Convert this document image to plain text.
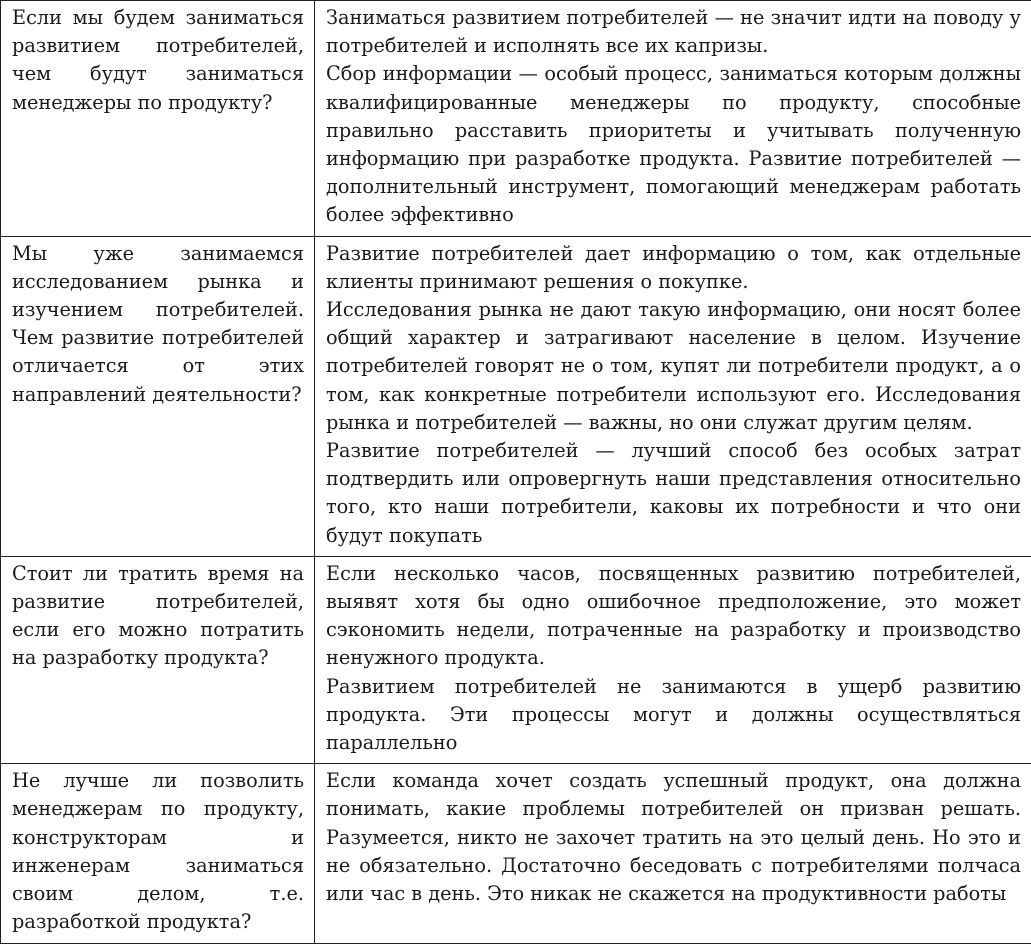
Если мы будем заниматься развитием потребителей, чем будут заниматься менеджеры по продукту?	Заниматься развитием потребителей — не значит идти на поводу у потребителей и исполнять все их капризы.

Сбор информации — особый процесс, заниматься которым должны квалифицированные менеджеры по продукту, способные правильно расставить приоритеты и учитывать полученную информацию при разработке продукта. Развитие потребителей — дополнительный инструмент, помогающий менеджерам работать более эффективно

Мы уже занимаемся исследованием рынка и изучением потребителей. Чем развитие потребителей отличается от этих направлений деятельности?	Развитие потребителей дает информацию о том, как отдельные клиенты принимают решения о покупке.

Исследования рынка не дают такую информацию, они носят более общий характер и затрагивают население в целом. Изучение потребителей говорят не о том, купят ли потребители продукт, а о том, как конкретные потребители используют его. Исследования рынка и потребителей — важны, но они служат другим целям.

Развитие потребителей — лучший способ без особых затрат подтвердить или опровергнуть наши представления относительно того, кто наши потребители, каковы их потребности и что они будут покупать

Стоит ли тратить время на развитие потребителей, если его можно потратить на разработку продукта?	Если несколько часов, посвященных развитию потребителей, выявят хотя бы одно ошибочное предположение, это может сэкономить недели, потраченные на разработку и производство ненужного продукта.

Развитием потребителей не занимаются в ущерб развитию продукта. Эти процессы могут и должны осуществляться параллельно

Не лучше ли позволить менеджерам по продукту, конструкторам и инженерам заниматься своим делом, т.е. разработкой продукта?	Если команда хочет создать успешный продукт, она должна понимать, какие проблемы потребителей он призван решать. Разумеется, никто не захочет тратить на это целый день. Но это и не обязательно. Достаточно беседовать с потребителями полчаса или час в день. Это никак не скажется на продуктивности работы
